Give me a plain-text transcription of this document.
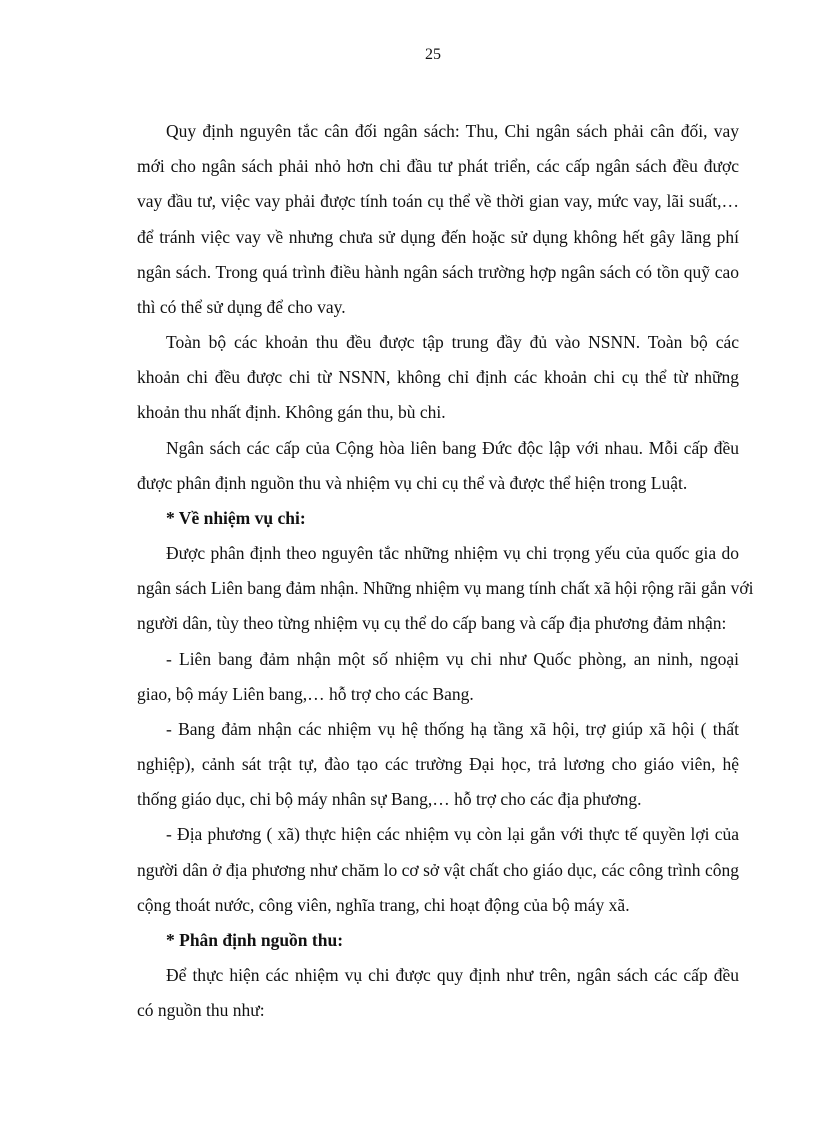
25
Quy định nguyên tắc cân đối ngân sách: Thu, Chi ngân sách phải cân đối, vay
mới cho ngân sách phải nhỏ hơn chi đầu tư phát triển, các cấp ngân sách đều được
vay đầu tư, việc vay phải được tính toán cụ thể về thời gian vay, mức vay, lãi suất,…
để tránh việc vay về nhưng chưa sử dụng đến hoặc sử dụng không hết gây lãng phí
ngân sách. Trong quá trình điều hành ngân sách trường hợp ngân sách có tồn quỹ cao
thì có thể sử dụng để cho vay.
Toàn bộ các khoản thu đều được tập trung đầy đủ vào NSNN. Toàn bộ các
khoản chi đều được chi từ NSNN, không chỉ định các khoản chi cụ thể từ những
khoản thu nhất định. Không gán thu, bù chi.
Ngân sách các cấp của Cộng hòa liên bang Đức độc lập với nhau. Mỗi cấp đều
được phân định nguồn thu và nhiệm vụ chi cụ thể và được thể hiện trong Luật.
* Về nhiệm vụ chi:
Được phân định theo nguyên tắc những nhiệm vụ chi trọng yếu của quốc gia do
ngân sách Liên bang đảm nhận. Những nhiệm vụ mang tính chất xã hội rộng rãi gắn với
người dân, tùy theo từng nhiệm vụ cụ thể do cấp bang và cấp địa phương đảm nhận:
- Liên bang đảm nhận một số nhiệm vụ chi như Quốc phòng, an ninh, ngoại
giao, bộ máy Liên bang,… hỗ trợ cho các Bang.
- Bang đảm nhận các nhiệm vụ hệ thống hạ tầng xã hội, trợ giúp xã hội ( thất
nghiệp), cảnh sát trật tự, đào tạo các trường Đại học, trả lương cho giáo viên, hệ
thống giáo dục, chi bộ máy nhân sự Bang,… hỗ trợ cho các địa phương.
- Địa phương ( xã) thực hiện các nhiệm vụ còn lại gắn với thực tế quyền lợi của
người dân ở địa phương như chăm lo cơ sở vật chất cho giáo dục, các công trình công
cộng thoát nước, công viên, nghĩa trang, chi hoạt động của bộ máy xã.
* Phân định nguồn thu:
Để thực hiện các nhiệm vụ chi được quy định như trên, ngân sách các cấp đều
có nguồn thu như:
